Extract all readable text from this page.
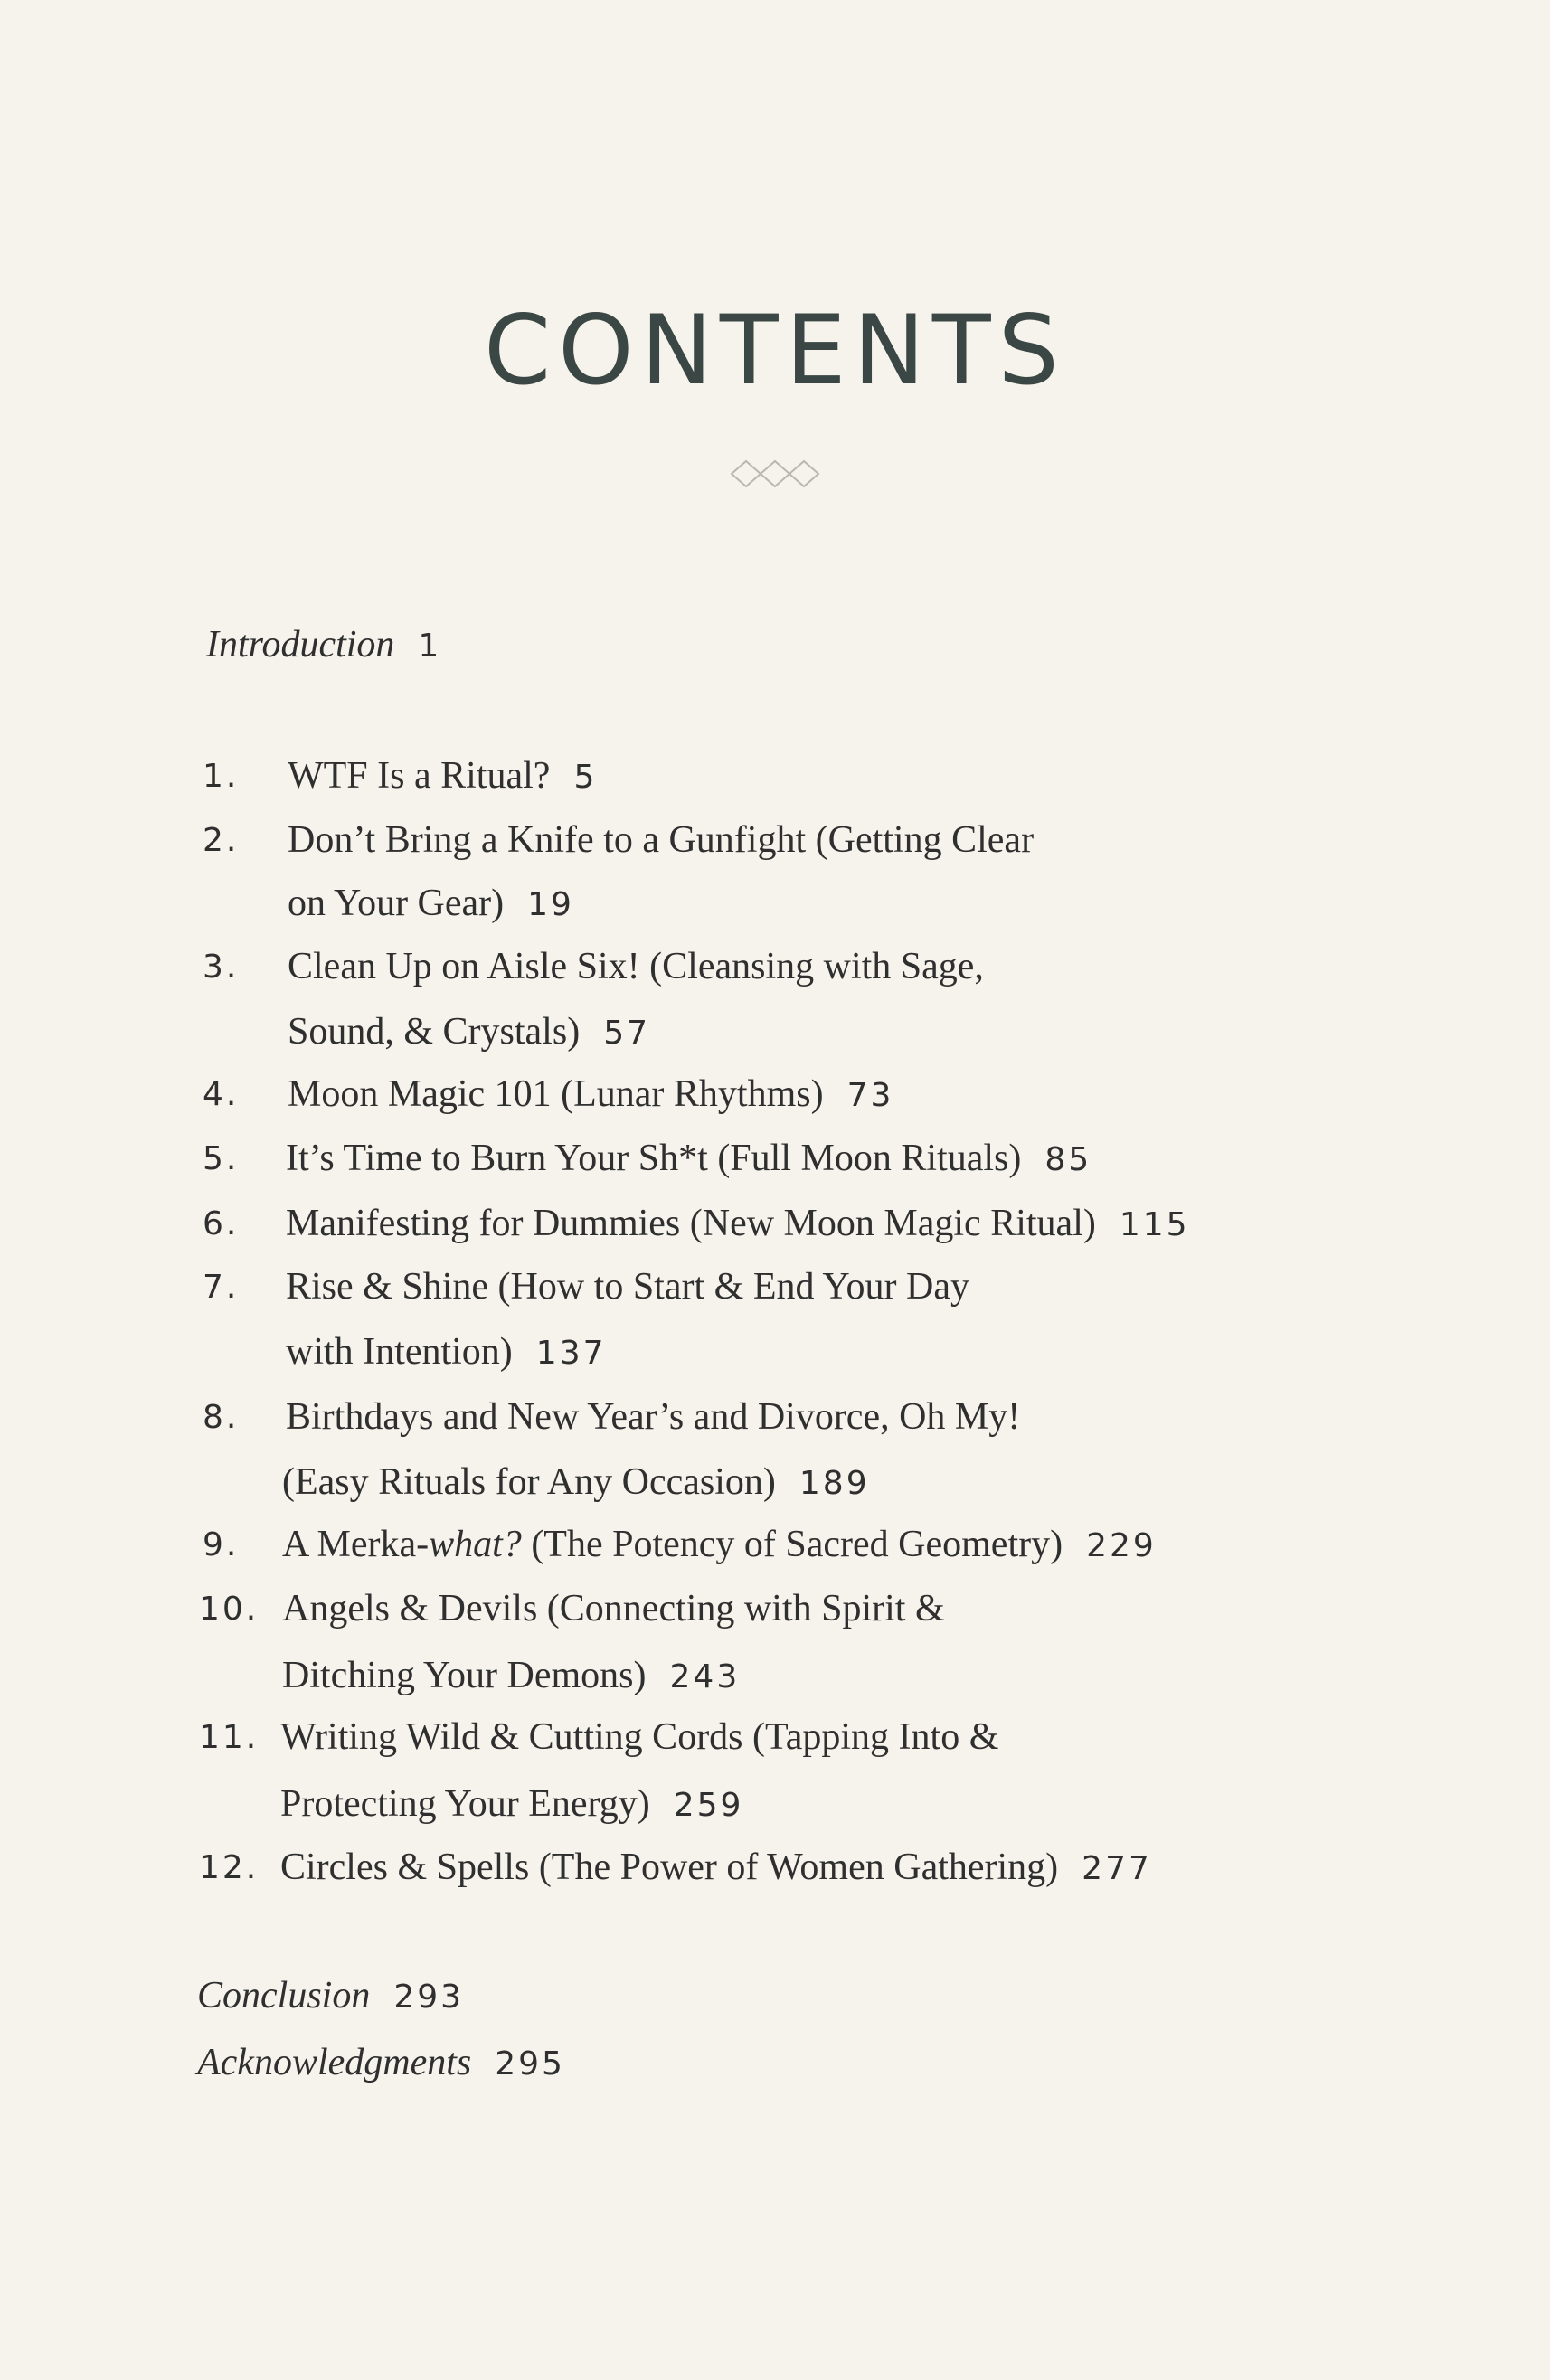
CONTENTS
Introduction 1
1. WTF Is a Ritual? 5
2. Don’t Bring a Knife to a Gunfight (Getting Clear
on Your Gear) 19
3. Clean Up on Aisle Six! (Cleansing with Sage,
Sound, & Crystals) 57
4. Moon Magic 101 (Lunar Rhythms) 73
5. It’s Time to Burn Your Sh*t (Full Moon Rituals) 85
6. Manifesting for Dummies (New Moon Magic Ritual) 115
7. Rise & Shine (How to Start & End Your Day
with Intention) 137
8. Birthdays and New Year’s and Divorce, Oh My!
(Easy Rituals for Any Occasion) 189
9. A Merka-what? (The Potency of Sacred Geometry) 229
10. Angels & Devils (Connecting with Spirit &
Ditching Your Demons) 243
11. Writing Wild & Cutting Cords (Tapping Into &
Protecting Your Energy) 259
12. Circles & Spells (The Power of Women Gathering) 277
Conclusion 293
Acknowledgments 295
